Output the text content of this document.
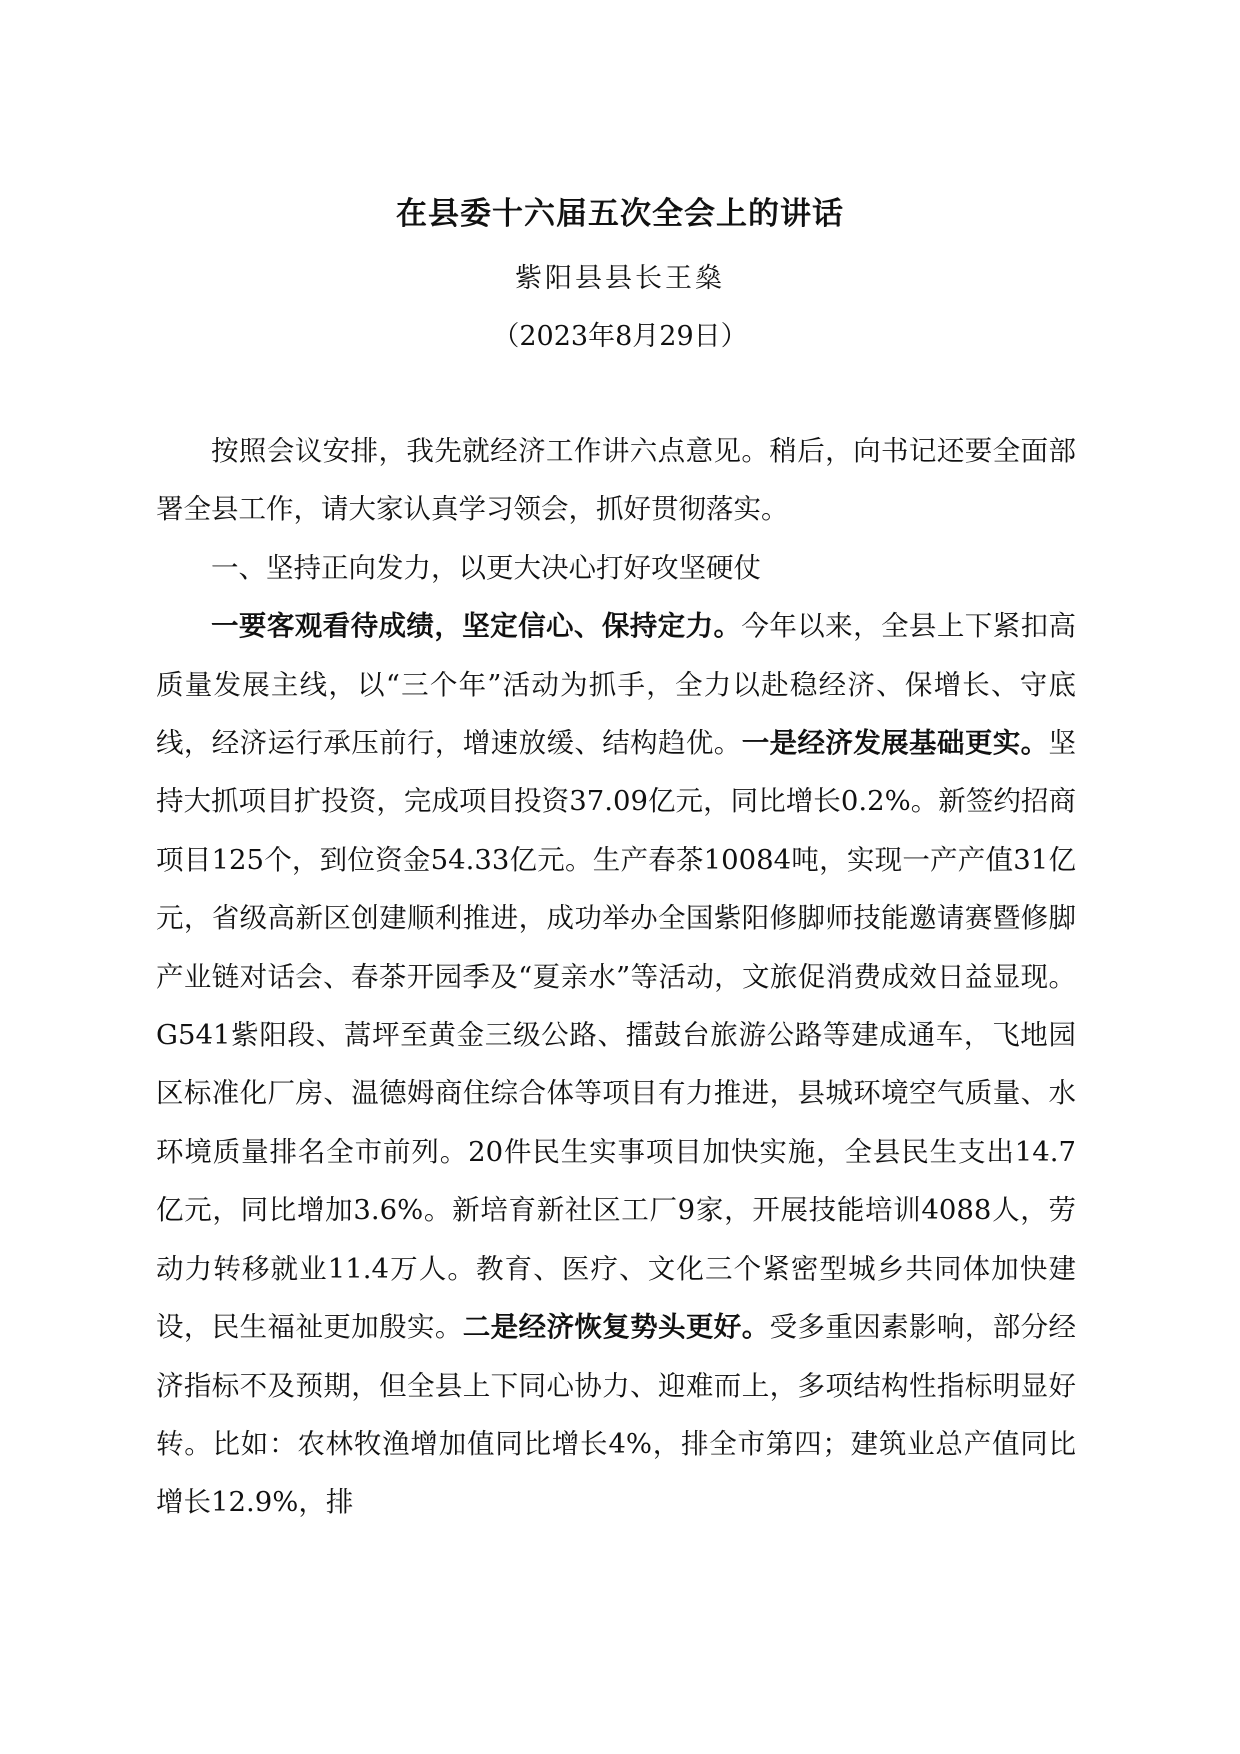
在县委十六届五次全会上的讲话
紫阳县县长王燊
（2023年8月29日）

按照会议安排，我先就经济工作讲六点意见。稍后，向书记还要全面部署全县工作，请大家认真学习领会，抓好贯彻落实。

一、坚持正向发力，以更大决心打好攻坚硬仗

一要客观看待成绩，坚定信心、保持定力。今年以来，全县上下紧扣高质量发展主线，以“三个年”活动为抓手，全力以赴稳经济、保增长、守底线，经济运行承压前行，增速放缓、结构趋优。一是经济发展基础更实。坚持大抓项目扩投资，完成项目投资37.09亿元，同比增长0.2%。新签约招商项目125个，到位资金54.33亿元。生产春茶10084吨，实现一产产值31亿元，省级高新区创建顺利推进，成功举办全国紫阳修脚师技能邀请赛暨修脚产业链对话会、春茶开园季及“夏亲水”等活动，文旅促消费成效日益显现。G541紫阳段、蒿坪至黄金三级公路、擂鼓台旅游公路等建成通车，飞地园区标准化厂房、温德姆商住综合体等项目有力推进，县城环境空气质量、水环境质量排名全市前列。20件民生实事项目加快实施，全县民生支出14.7亿元，同比增加3.6%。新培育新社区工厂9家，开展技能培训4088人，劳动力转移就业11.4万人。教育、医疗、文化三个紧密型城乡共同体加快建设，民生福祉更加殷实。二是经济恢复势头更好。受多重因素影响，部分经济指标不及预期，但全县上下同心协力、迎难而上，多项结构性指标明显好转。比如：农林牧渔增加值同比增长4%，排全市第四；建筑业总产值同比增长12.9%，排
